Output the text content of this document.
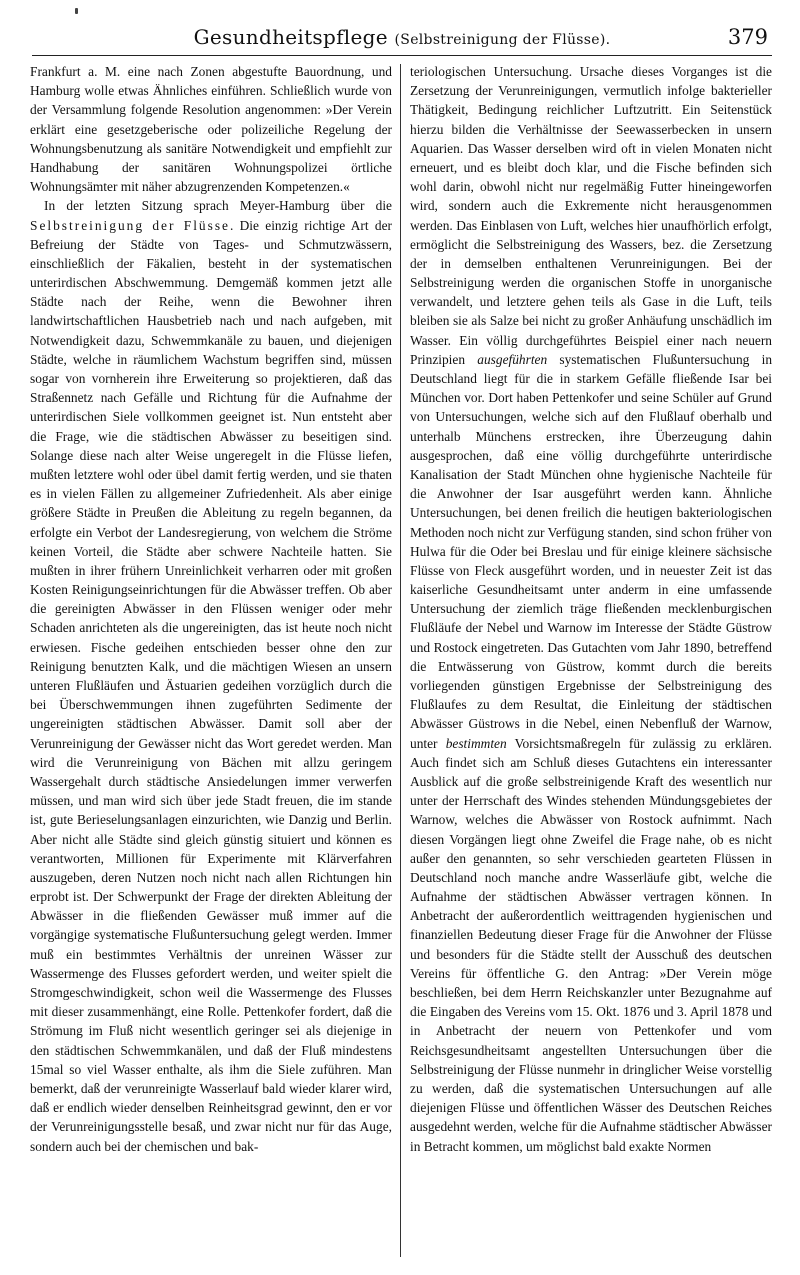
Gesundheitspflege (Selbstreinigung der Flüsse).	379

Frankfurt a. M. eine nach Zonen abgestufte Bauordnung, und Hamburg wolle etwas Ähnliches einführen. Schließlich wurde von der Versammlung folgende Resolution angenommen: »Der Verein erklärt eine gesetzgeberische oder polizeiliche Regelung der Wohnungsbenutzung als sanitäre Notwendigkeit und empfiehlt zur Handhabung der sanitären Wohnungspolizei örtliche Wohnungsämter mit näher abzugrenzenden Kompetenzen.«

In der letzten Sitzung sprach Meyer-Hamburg über die Selbstreinigung der Flüsse. Die einzig richtige Art der Befreiung der Städte von Tages- und Schmutzwässern, einschließlich der Fäkalien, besteht in der systematischen unterirdischen Abschwemmung. Demgemäß kommen jetzt alle Städte nach der Reihe, wenn die Bewohner ihren landwirtschaftlichen Hausbetrieb nach und nach aufgeben, mit Notwendigkeit dazu, Schwemmkanäle zu bauen, und diejenigen Städte, welche in räumlichem Wachstum begriffen sind, müssen sogar von vornherein ihre Erweiterung so projektieren, daß das Straßennetz nach Gefälle und Richtung für die Aufnahme der unterirdischen Siele vollkommen geeignet ist. Nun entsteht aber die Frage, wie die städtischen Abwässer zu beseitigen sind. Solange diese nach alter Weise ungeregelt in die Flüsse liefen, mußten letztere wohl oder übel damit fertig werden, und sie thaten es in vielen Fällen zu allgemeiner Zufriedenheit. Als aber einige größere Städte in Preußen die Ableitung zu regeln begannen, da erfolgte ein Verbot der Landesregierung, von welchem die Ströme keinen Vorteil, die Städte aber schwere Nachteile hatten. Sie mußten in ihrer frühern Unreinlichkeit verharren oder mit großen Kosten Reinigungseinrichtungen für die Abwässer treffen. Ob aber die gereinigten Abwässer in den Flüssen weniger oder mehr Schaden anrichteten als die ungereinigten, das ist heute noch nicht erwiesen. Fische gedeihen entschieden besser ohne den zur Reinigung benutzten Kalk, und die mächtigen Wiesen an unsern unteren Flußläufen und Ästuarien gedeihen vorzüglich durch die bei Überschwemmungen ihnen zugeführten Sedimente der ungereinigten städtischen Abwässer. Damit soll aber der Verunreinigung der Gewässer nicht das Wort geredet werden. Man wird die Verunreinigung von Bächen mit allzu geringem Wassergehalt durch städtische Ansiedelungen immer verwerfen müssen, und man wird sich über jede Stadt freuen, die im stande ist, gute Berieselungsanlagen einzurichten, wie Danzig und Berlin. Aber nicht alle Städte sind gleich günstig situiert und können es verantworten, Millionen für Experimente mit Klärverfahren auszugeben, deren Nutzen noch nicht nach allen Richtungen hin erprobt ist. Der Schwerpunkt der Frage der direkten Ableitung der Abwässer in die fließenden Gewässer muß immer auf die vorgängige systematische Flußuntersuchung gelegt werden. Immer muß ein bestimmtes Verhältnis der unreinen Wässer zur Wassermenge des Flusses gefordert werden, und weiter spielt die Stromgeschwindigkeit, schon weil die Wassermenge des Flusses mit dieser zusammenhängt, eine Rolle. Pettenkofer fordert, daß die Strömung im Fluß nicht wesentlich geringer sei als diejenige in den städtischen Schwemmkanälen, und daß der Fluß mindestens 15mal so viel Wasser enthalte, als ihm die Siele zuführen. Man bemerkt, daß der verunreinigte Wasserlauf bald wieder klarer wird, daß er endlich wieder denselben Reinheitsgrad gewinnt, den er vor der Verunreinigungsstelle besaß, und zwar nicht nur für das Auge, sondern auch bei der chemischen und bak-

teriologischen Untersuchung. Ursache dieses Vorganges ist die Zersetzung der Verunreinigungen, vermutlich infolge bakterieller Thätigkeit, Bedingung reichlicher Luftzutritt. Ein Seitenstück hierzu bilden die Verhältnisse der Seewasserbecken in unsern Aquarien. Das Wasser derselben wird oft in vielen Monaten nicht erneuert, und es bleibt doch klar, und die Fische befinden sich wohl darin, obwohl nicht nur regelmäßig Futter hineingeworfen wird, sondern auch die Exkremente nicht herausgenommen werden. Das Einblasen von Luft, welches hier unaufhörlich erfolgt, ermöglicht die Selbstreinigung des Wassers, bez. die Zersetzung der in demselben enthaltenen Verunreinigungen. Bei der Selbstreinigung werden die organischen Stoffe in unorganische verwandelt, und letztere gehen teils als Gase in die Luft, teils bleiben sie als Salze bei nicht zu großer Anhäufung unschädlich im Wasser. Ein völlig durchgeführtes Beispiel einer nach neuern Prinzipien ausgeführten systematischen Flußuntersuchung in Deutschland liegt für die in starkem Gefälle fließende Isar bei München vor. Dort haben Pettenkofer und seine Schüler auf Grund von Untersuchungen, welche sich auf den Flußlauf oberhalb und unterhalb Münchens erstrecken, ihre Überzeugung dahin ausgesprochen, daß eine völlig durchgeführte unterirdische Kanalisation der Stadt München ohne hygienische Nachteile für die Anwohner der Isar ausgeführt werden kann. Ähnliche Untersuchungen, bei denen freilich die heutigen bakteriologischen Methoden noch nicht zur Verfügung standen, sind schon früher von Hulwa für die Oder bei Breslau und für einige kleinere sächsische Flüsse von Fleck ausgeführt worden, und in neuester Zeit ist das kaiserliche Gesundheitsamt unter anderm in eine umfassende Untersuchung der ziemlich träge fließenden mecklenburgischen Flußläufe der Nebel und Warnow im Interesse der Städte Güstrow und Rostock eingetreten. Das Gutachten vom Jahr 1890, betreffend die Entwässerung von Güstrow, kommt durch die bereits vorliegenden günstigen Ergebnisse der Selbstreinigung des Flußlaufes zu dem Resultat, die Einleitung der städtischen Abwässer Güstrows in die Nebel, einen Nebenfluß der Warnow, unter bestimmten Vorsichtsmaßregeln für zulässig zu erklären. Auch findet sich am Schluß dieses Gutachtens ein interessanter Ausblick auf die große selbstreinigende Kraft des wesentlich nur unter der Herrschaft des Windes stehenden Mündungsgebietes der Warnow, welches die Abwässer von Rostock aufnimmt. Nach diesen Vorgängen liegt ohne Zweifel die Frage nahe, ob es nicht außer den genannten, so sehr verschieden gearteten Flüssen in Deutschland noch manche andre Wasserläufe gibt, welche die Aufnahme der städtischen Abwässer vertragen können. In Anbetracht der außerordentlich weittragenden hygienischen und finanziellen Bedeutung dieser Frage für die Anwohner der Flüsse und besonders für die Städte stellt der Ausschuß des deutschen Vereins für öffentliche G. den Antrag: »Der Verein möge beschließen, bei dem Herrn Reichskanzler unter Bezugnahme auf die Eingaben des Vereins vom 15. Okt. 1876 und 3. April 1878 und in Anbetracht der neuern von Pettenkofer und vom Reichsgesundheitsamt angestellten Untersuchungen über die Selbstreinigung der Flüsse nunmehr in dringlicher Weise vorstellig zu werden, daß die systematischen Untersuchungen auf alle diejenigen Flüsse und öffentlichen Wässer des Deutschen Reiches ausgedehnt werden, welche für die Aufnahme städtischer Abwässer in Betracht kommen, um möglichst bald exakte Normen
